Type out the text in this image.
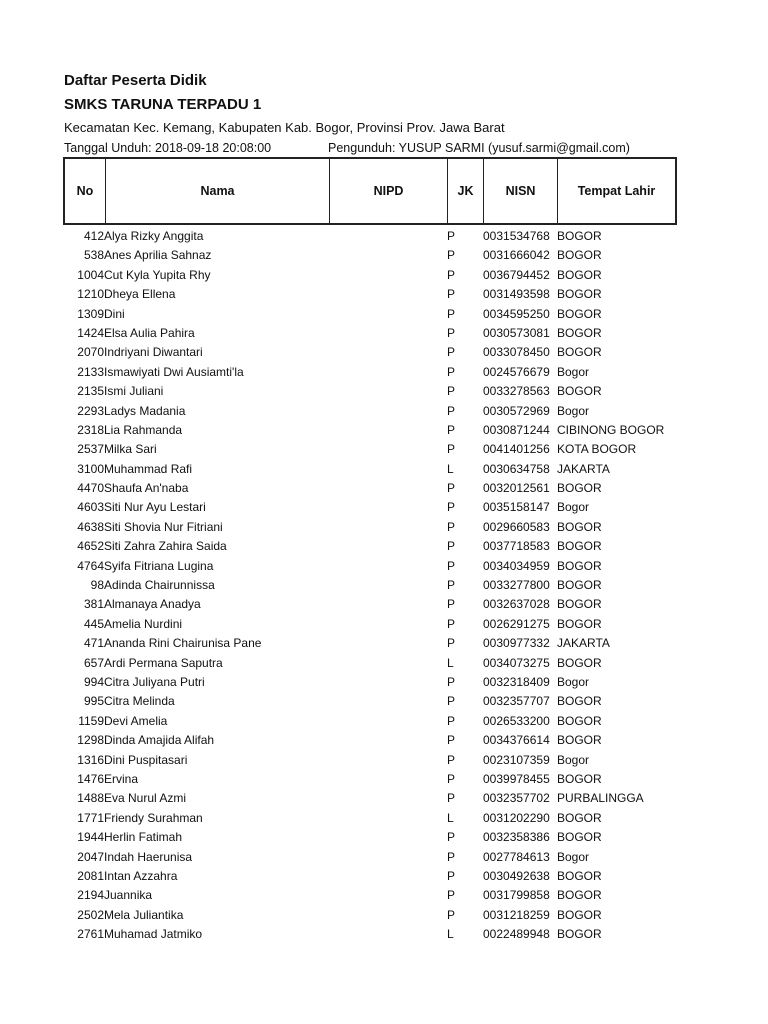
Daftar Peserta Didik
SMKS TARUNA TERPADU 1
Kecamatan Kec. Kemang, Kabupaten Kab. Bogor, Provinsi Prov. Jawa Barat
Tanggal Unduh: 2018-09-18 20:08:00	Pengunduh: YUSUP SARMI (yusuf.sarmi@gmail.com)
No	Nama	NIPD	JK	NISN	Tempat Lahir
412 Alya Rizky Anggita	P 0031534768 BOGOR
538 Anes Aprilia Sahnaz	P 0031666042 BOGOR
1004 Cut Kyla Yupita Rhy	P 0036794452 BOGOR
1210 Dheya Ellena	P 0031493598 BOGOR
1309 Dini	P 0034595250 BOGOR
1424 Elsa Aulia Pahira	P 0030573081 BOGOR
2070 Indriyani Diwantari	P 0033078450 BOGOR
2133 Ismawiyati Dwi Ausiamti'la	P 0024576679 Bogor
2135 Ismi Juliani	P 0033278563 BOGOR
2293 Ladys Madania	P 0030572969 Bogor
2318 Lia Rahmanda	P 0030871244 CIBINONG BOGOR
2537 Milka Sari	P 0041401256 KOTA BOGOR
3100 Muhammad Rafi	L 0030634758 JAKARTA
4470 Shaufa An'naba	P 0032012561 BOGOR
4603 Siti Nur Ayu Lestari	P 0035158147 Bogor
4638 Siti Shovia Nur Fitriani	P 0029660583 BOGOR
4652 Siti Zahra Zahira Saida	P 0037718583 BOGOR
4764 Syifa Fitriana Lugina	P 0034034959 BOGOR
98 Adinda Chairunnissa	P 0033277800 BOGOR
381 Almanaya Anadya	P 0032637028 BOGOR
445 Amelia Nurdini	P 0026291275 BOGOR
471 Ananda Rini Chairunisa Pane	P 0030977332 JAKARTA
657 Ardi Permana Saputra	L 0034073275 BOGOR
994 Citra Juliyana Putri	P 0032318409 Bogor
995 Citra Melinda	P 0032357707 BOGOR
1159 Devi Amelia	P 0026533200 BOGOR
1298 Dinda Amajida Alifah	P 0034376614 BOGOR
1316 Dini Puspitasari	P 0023107359 Bogor
1476 Ervina	P 0039978455 BOGOR
1488 Eva Nurul Azmi	P 0032357702 PURBALINGGA
1771 Friendy Surahman	L 0031202290 BOGOR
1944 Herlin Fatimah	P 0032358386 BOGOR
2047 Indah Haerunisa	P 0027784613 Bogor
2081 Intan Azzahra	P 0030492638 BOGOR
2194 Juannika	P 0031799858 BOGOR
2502 Mela Juliantika	P 0031218259 BOGOR
2761 Muhamad Jatmiko	L 0022489948 BOGOR
